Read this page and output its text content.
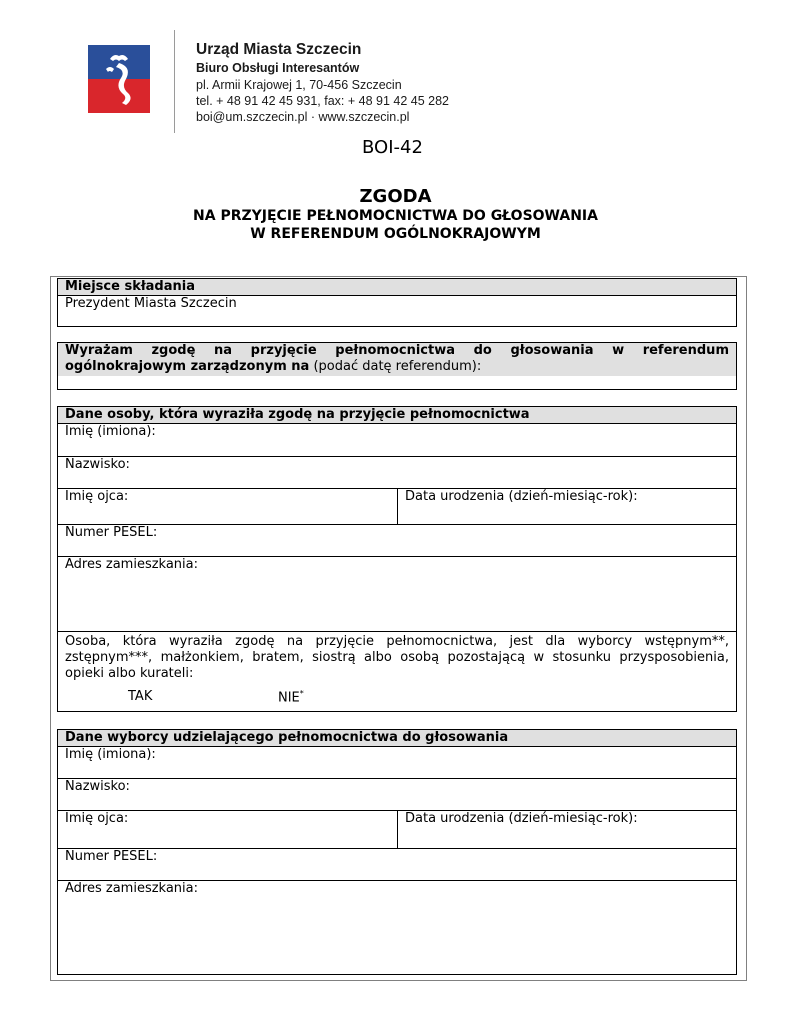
Urząd Miasta Szczecin
Biuro Obsługi Interesantów
pl. Armii Krajowej 1, 70-456 Szczecin
tel. + 48 91 42 45 931, fax: + 48 91 42 45 282
boi@um.szczecin.pl · www.szczecin.pl
BOI-42
ZGODA
NA PRZYJĘCIE PEŁNOMOCNICTWA DO GŁOSOWANIA
W REFERENDUM OGÓLNOKRAJOWYM
Miejsce składania
Prezydent Miasta Szczecin
Wyrażam zgodę na przyjęcie pełnomocnictwa do głosowania w referendum
ogólnokrajowym zarządzonym na (podać datę referendum):
Dane osoby, która wyraziła zgodę na przyjęcie pełnomocnictwa
Imię (imiona):
Nazwisko:
Imię ojca:	Data urodzenia (dzień-miesiąc-rok):
Numer PESEL:
Adres zamieszkania:
Osoba, która wyraziła zgodę na przyjęcie pełnomocnictwa, jest dla wyborcy wstępnym**,
zstępnym***, małżonkiem, bratem, siostrą albo osobą pozostającą w stosunku przysposobienia,
opieki albo kurateli:
TAK	NIE*
Dane wyborcy udzielającego pełnomocnictwa do głosowania
Imię (imiona):
Nazwisko:
Imię ojca:	Data urodzenia (dzień-miesiąc-rok):
Numer PESEL:
Adres zamieszkania:
